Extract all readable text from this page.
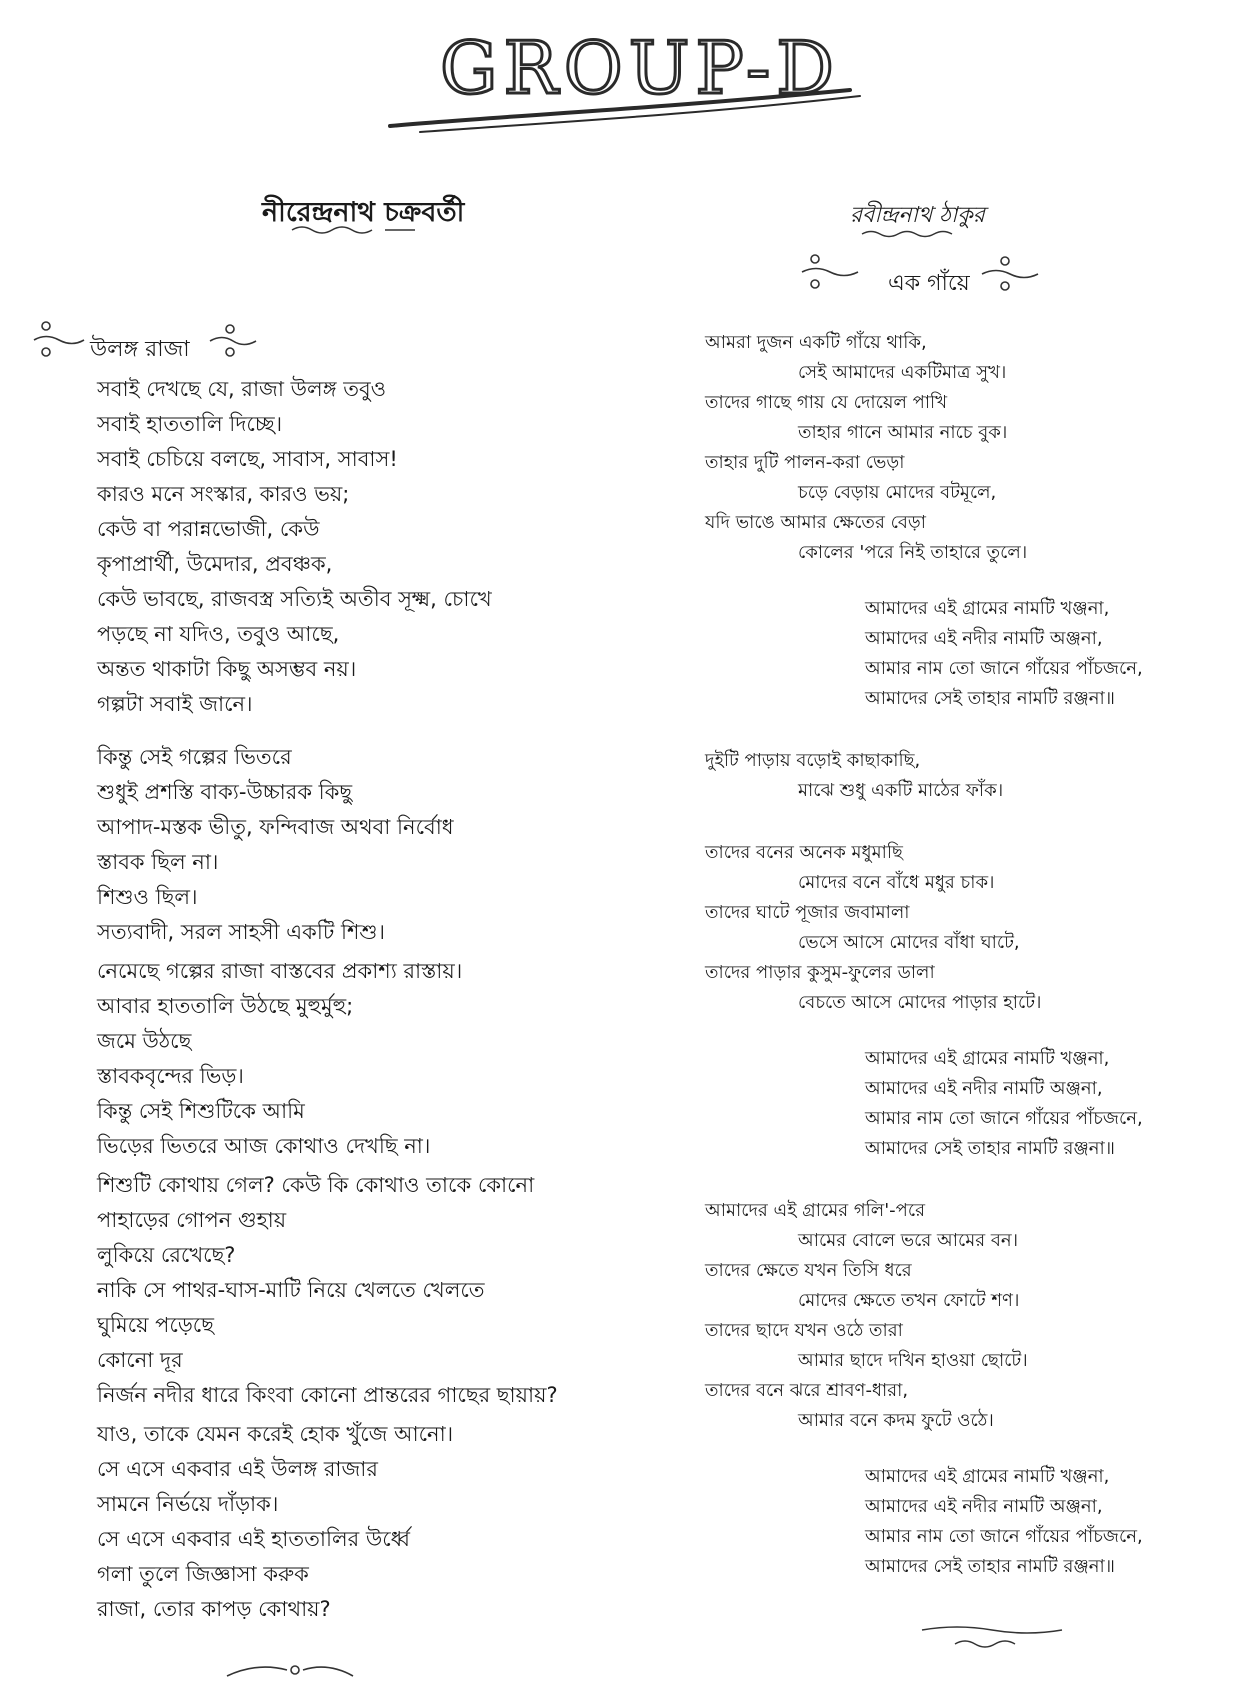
GROUP-D
নীরেন্দ্রনাথ চক্রবর্তী	রবীন্দ্রনাথ ঠাকুর
এক গাঁয়ে
উলঙ্গ রাজা
সবাই দেখছে যে, রাজা উলঙ্গ তবুও
সবাই হাততালি দিচ্ছে।
সবাই চেচিয়ে বলছে, সাবাস, সাবাস!
কারও মনে সংস্কার, কারও ভয়;
কেউ বা পরান্নভোজী, কেউ
কৃপাপ্রার্থী, উমেদার, প্রবঞ্চক,
কেউ ভাবছে, রাজবস্ত্র সত্যিই অতীব সূক্ষ্ম, চোখে
পড়ছে না যদিও, তবুও আছে,
অন্তত থাকাটা কিছু অসম্ভব নয়।
গল্পটা সবাই জানে।
কিন্তু সেই গল্পের ভিতরে
শুধুই প্রশস্তি বাক্য-উচ্চারক কিছু
আপাদ-মস্তক ভীতু, ফন্দিবাজ অথবা নির্বোধ
স্তাবক ছিল না।
শিশুও ছিল।
সত্যবাদী, সরল সাহসী একটি শিশু।
নেমেছে গল্পের রাজা বাস্তবের প্রকাশ্য রাস্তায়।
আবার হাততালি উঠছে মুহুর্মুহু;
জমে উঠছে
স্তাবকবৃন্দের ভিড়।
কিন্তু সেই শিশুটিকে আমি
ভিড়ের ভিতরে আজ কোথাও দেখছি না।
শিশুটি কোথায় গেল? কেউ কি কোথাও তাকে কোনো
পাহাড়ের গোপন গুহায়
লুকিয়ে রেখেছে?
নাকি সে পাথর-ঘাস-মাটি নিয়ে খেলতে খেলতে
ঘুমিয়ে পড়েছে
কোনো দূর
নির্জন নদীর ধারে কিংবা কোনো প্রান্তরের গাছের ছায়ায়?
যাও, তাকে যেমন করেই হোক খুঁজে আনো।
সে এসে একবার এই উলঙ্গ রাজার
সামনে নির্ভয়ে দাঁড়াক।
সে এসে একবার এই হাততালির উর্ধ্বে
গলা তুলে জিজ্ঞাসা করুক
রাজা, তোর কাপড় কোথায়?
আমরা দুজন একটি গাঁয়ে থাকি,
সেই আমাদের একটিমাত্র সুখ।
তাদের গাছে গায় যে দোয়েল পাখি
তাহার গানে আমার নাচে বুক।
তাহার দুটি পালন-করা ভেড়া
চড়ে বেড়ায় মোদের বটমূলে,
যদি ভাঙে আমার ক্ষেতের বেড়া
কোলের 'পরে নিই তাহারে তুলে।
আমাদের এই গ্রামের নামটি খঞ্জনা,
আমাদের এই নদীর নামটি অঞ্জনা,
আমার নাম তো জানে গাঁয়ের পাঁচজনে,
আমাদের সেই তাহার নামটি রঞ্জনা॥
দুইটি পাড়ায় বড়োই কাছাকাছি,
মাঝে শুধু একটি মাঠের ফাঁক।
তাদের বনের অনেক মধুমাছি
মোদের বনে বাঁধে মধুর চাক।
তাদের ঘাটে পূজার জবামালা
ভেসে আসে মোদের বাঁধা ঘাটে,
তাদের পাড়ার কুসুম-ফুলের ডালা
বেচতে আসে মোদের পাড়ার হাটে।
আমাদের এই গ্রামের নামটি খঞ্জনা,
আমাদের এই নদীর নামটি অঞ্জনা,
আমার নাম তো জানে গাঁয়ের পাঁচজনে,
আমাদের সেই তাহার নামটি রঞ্জনা॥
আমাদের এই গ্রামের গলি'-পরে
আমের বোলে ভরে আমের বন।
তাদের ক্ষেতে যখন তিসি ধরে
মোদের ক্ষেতে তখন ফোটে শণ।
তাদের ছাদে যখন ওঠে তারা
আমার ছাদে দখিন হাওয়া ছোটে।
তাদের বনে ঝরে শ্রাবণ-ধারা,
আমার বনে কদম ফুটে ওঠে।
আমাদের এই গ্রামের নামটি খঞ্জনা,
আমাদের এই নদীর নামটি অঞ্জনা,
আমার নাম তো জানে গাঁয়ের পাঁচজনে,
আমাদের সেই তাহার নামটি রঞ্জনা॥
